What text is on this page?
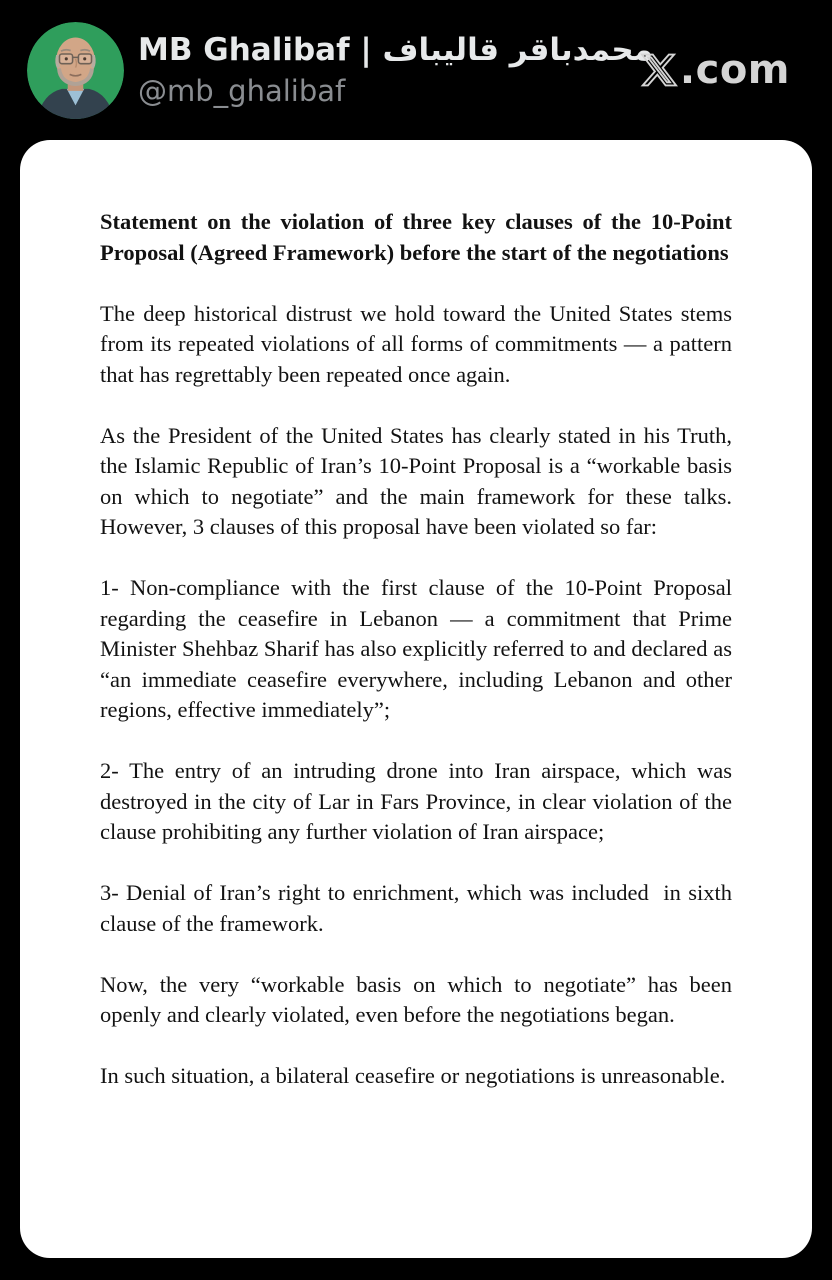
MB Ghalibaf | محمدباقر قالیباف
@mb_ghalibaf	.com

Statement on the violation of three key clauses of the 10-Point Proposal (Agreed Framework) before the start of the negotiations

The deep historical distrust we hold toward the United States stems from its repeated violations of all forms of commitments — a pattern that has regrettably been repeated once again.

As the President of the United States has clearly stated in his Truth, the Islamic Republic of Iran’s 10-Point Proposal is a “workable basis on which to negotiate” and the main framework for these talks. However, 3 clauses of this proposal have been violated so far:

1- Non-compliance with the first clause of the 10-Point Proposal regarding the ceasefire in Lebanon — a commitment that Prime Minister Shehbaz Sharif has also explicitly referred to and declared as “an immediate ceasefire everywhere, including Lebanon and other regions, effective immediately”;

2- The entry of an intruding drone into Iran airspace, which was destroyed in the city of Lar in Fars Province, in clear violation of the clause prohibiting any further violation of Iran airspace;

3- Denial of Iran’s right to enrichment, which was included  in sixth clause of the framework.

Now, the very “workable basis on which to negotiate” has been openly and clearly violated, even before the negotiations began.

In such situation, a bilateral ceasefire or negotiations is unreasonable.
